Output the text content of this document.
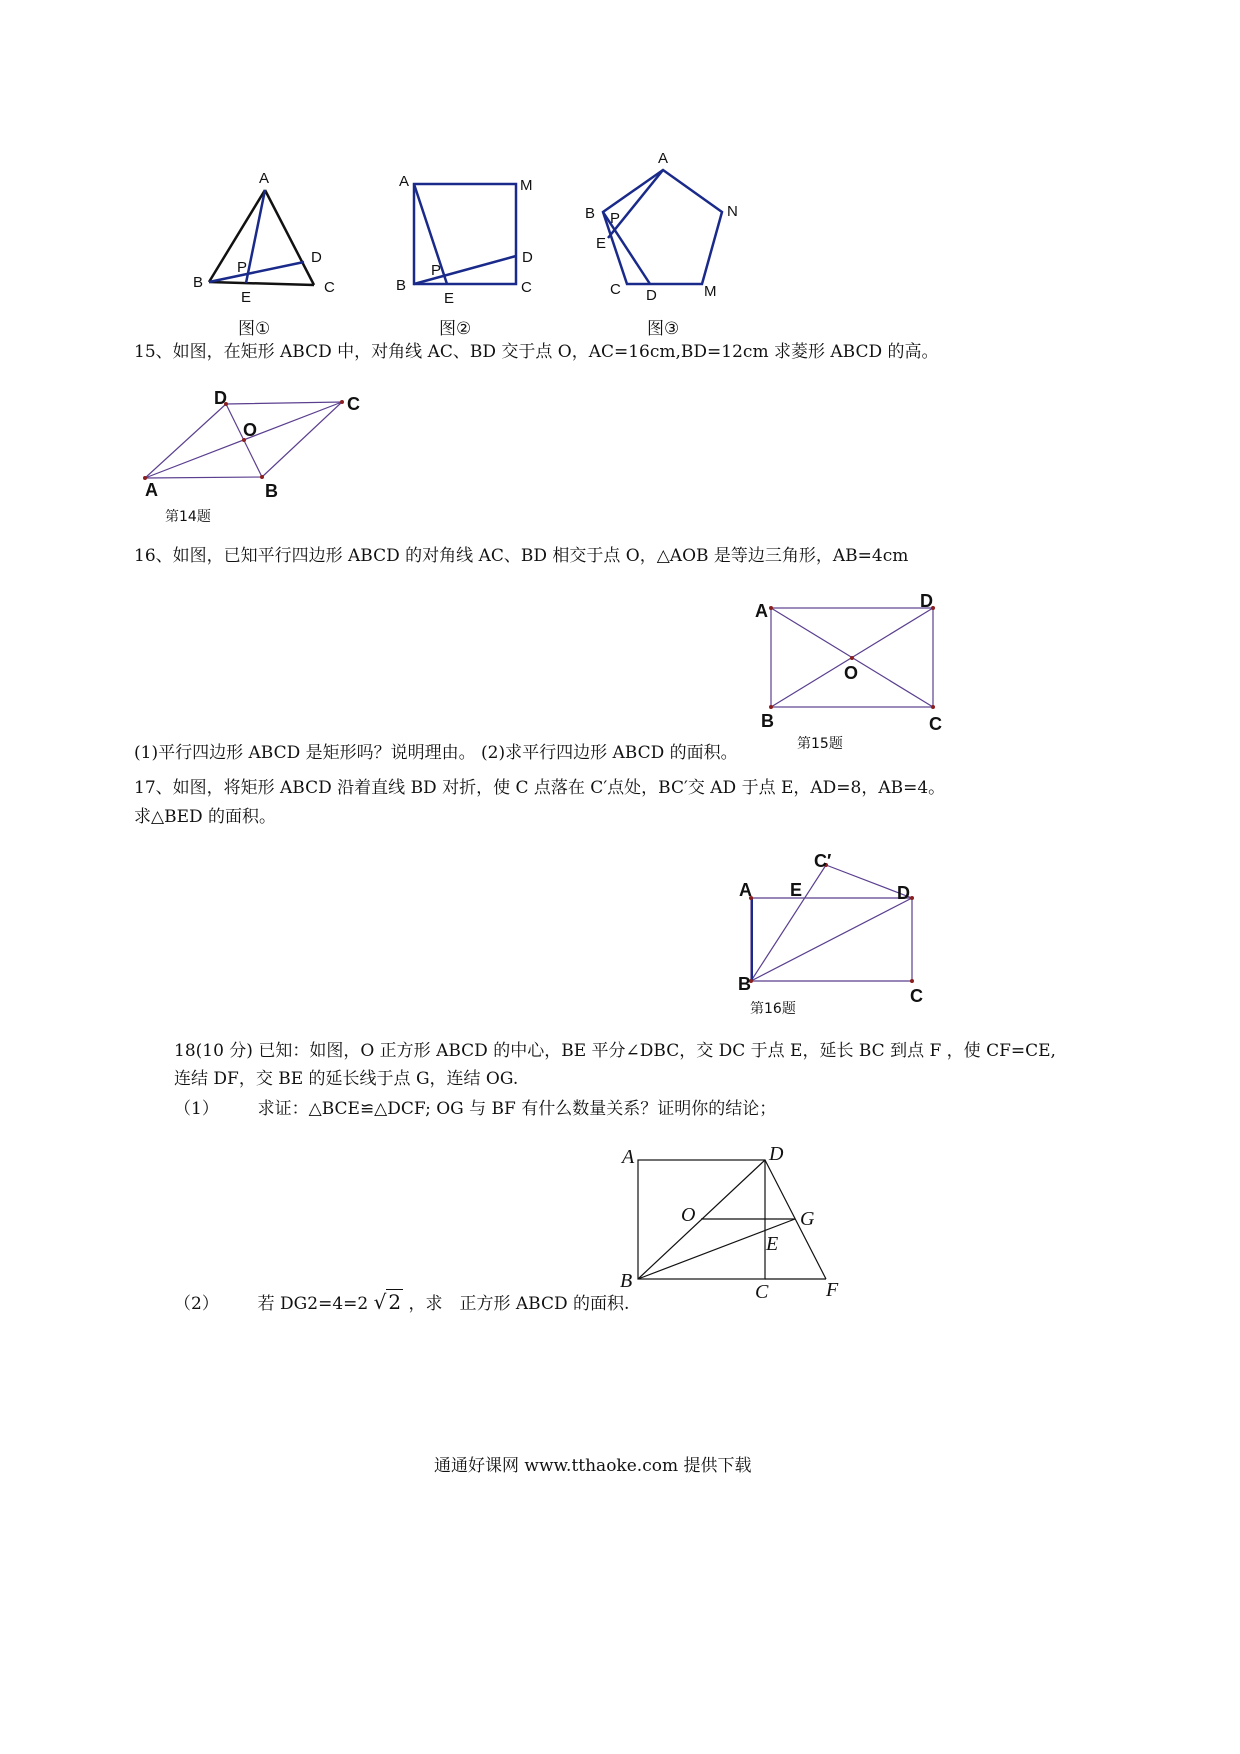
A
B	C
D
E
P
A	M
B	C
D
E
P
A
N
B P
E
C D	M
A	B
C
D
O
A	D
B	C
O
A E
C′
D
B
C
A	D
O	G
E
B	C	F
图①	图②	图③
15、如图，在矩形 ABCD 中，对角线 AC、BD 交于点 O，AC=16cm,BD=12cm 求菱形 ABCD 的高。
第14题
16、如图，已知平行四边形 ABCD 的对角线 AC、BD 相交于点 O，△AOB 是等边三角形，AB=4cm
(1)平行四边形 ABCD 是矩形吗？说明理由。 (2)求平行四边形 ABCD 的面积。	第15题
17、如图，将矩形 ABCD 沿着直线 BD 对折，使 C 点落在 C′点处，BC′交 AD 于点 E，AD=8，AB=4。
求△BED 的面积。
第16题
18(10 分) 已知：如图，O 正方形 ABCD 的中心，BE 平分∠DBC，交 DC 于点 E，延长 BC 到点 F ，使 CF=CE,
连结 DF，交 BE 的延长线于点 G，连结 OG.
（1） 求证：△BCE≌△DCF; OG 与 BF 有什么数量关系？证明你的结论；
（2） 若 DG2=4=2 √ 2 ，求　正方形 ABCD 的面积.
通通好课网 www.tthaoke.com 提供下载
